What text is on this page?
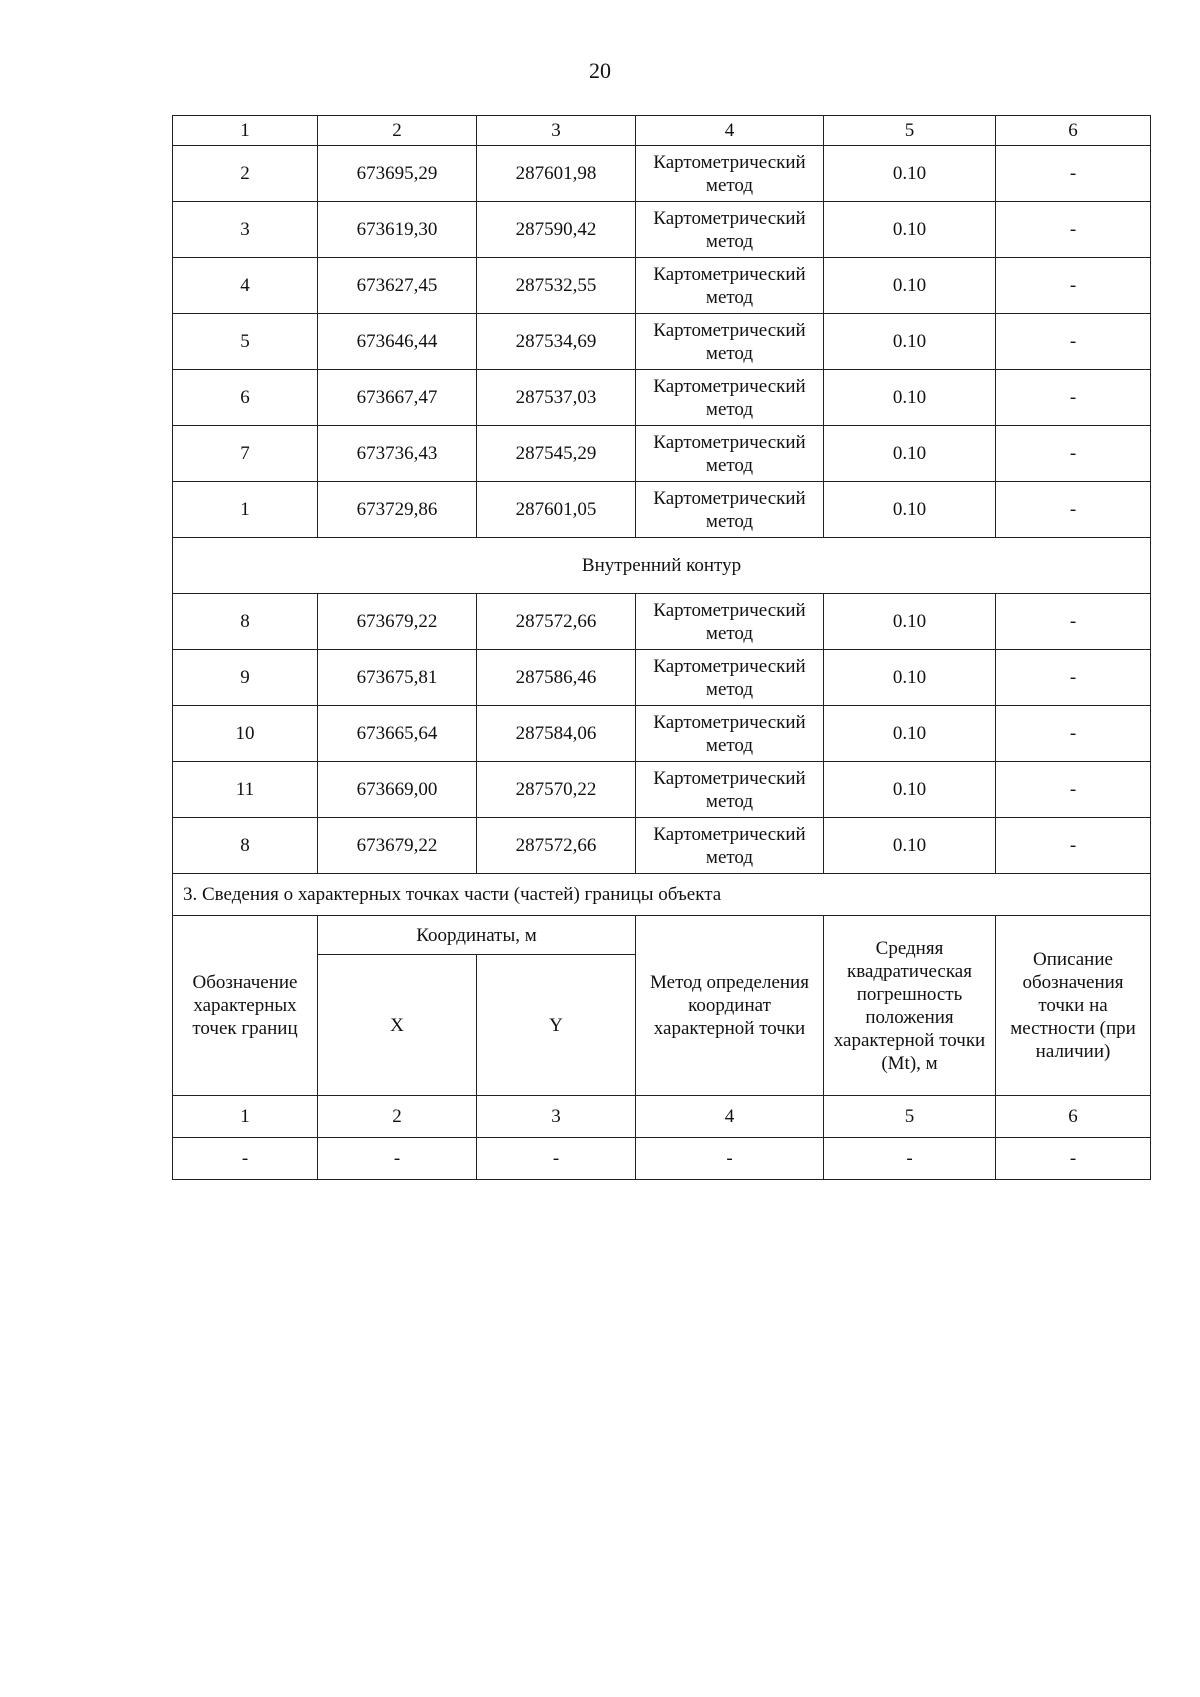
20
1	2	3	4	5	6
2	673695,29	287601,98	Картометрический метод	0.10	-
3	673619,30	287590,42	Картометрический метод	0.10	-
4	673627,45	287532,55	Картометрический метод	0.10	-
5	673646,44	287534,69	Картометрический метод	0.10	-
6	673667,47	287537,03	Картометрический метод	0.10	-
7	673736,43	287545,29	Картометрический метод	0.10	-
1	673729,86	287601,05	Картометрический метод	0.10	-
Внутренний контур					
8	673679,22	287572,66	Картометрический метод	0.10	-
9	673675,81	287586,46	Картометрический метод	0.10	-
10	673665,64	287584,06	Картометрический метод	0.10	-
11	673669,00	287570,22	Картометрический метод	0.10	-
8	673679,22	287572,66	Картометрический метод	0.10	-
3. Сведения о характерных точках части (частей) границы объекта					
Обозначение характерных точек границ	Координаты, м		Метод определения координат характерной точки	Средняя квадратическая погрешность положения характерной точки (Mt), м	Описание обозначения точки на местности (при наличии)
	X	Y			
1	2	3	4	5	6
-	-	-	-	-	-
